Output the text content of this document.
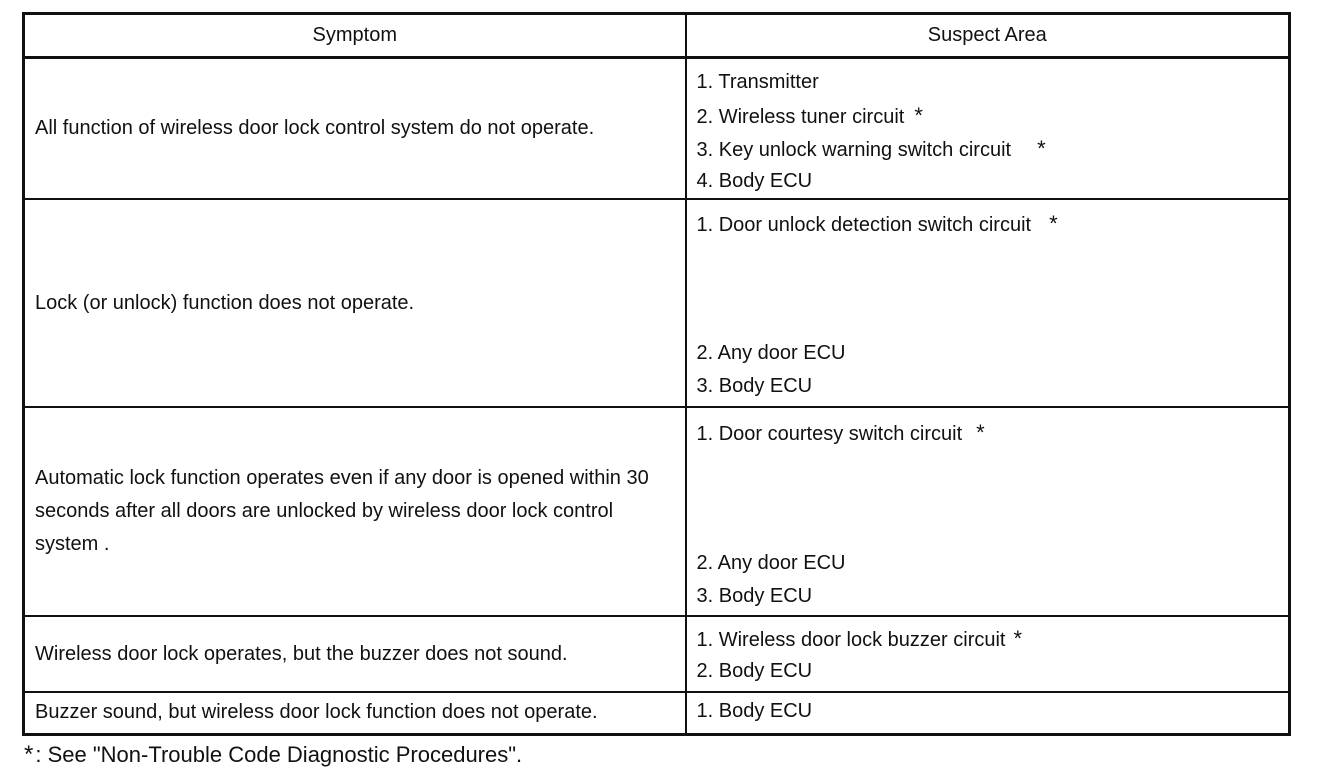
Symptom	Suspect Area

All function of wireless door lock control system do not operate.	1. Transmitter
2. Wireless tuner circuit *
3. Key unlock warning switch circuit *
4. Body ECU

Lock (or unlock) function does not operate.	1. Door unlock detection switch circuit *
2. Any door ECU
3. Body ECU

Automatic lock function operates even if any door is opened within 30 seconds after all doors are unlocked by wireless door lock control system .	1. Door courtesy switch circuit *
2. Any door ECU
3. Body ECU

Wireless door lock operates, but the buzzer does not sound.	1. Wireless door lock buzzer circuit *
2. Body ECU

Buzzer sound, but wireless door lock function does not operate.	1. Body ECU
*: See "Non-Trouble Code Diagnostic Procedures".
